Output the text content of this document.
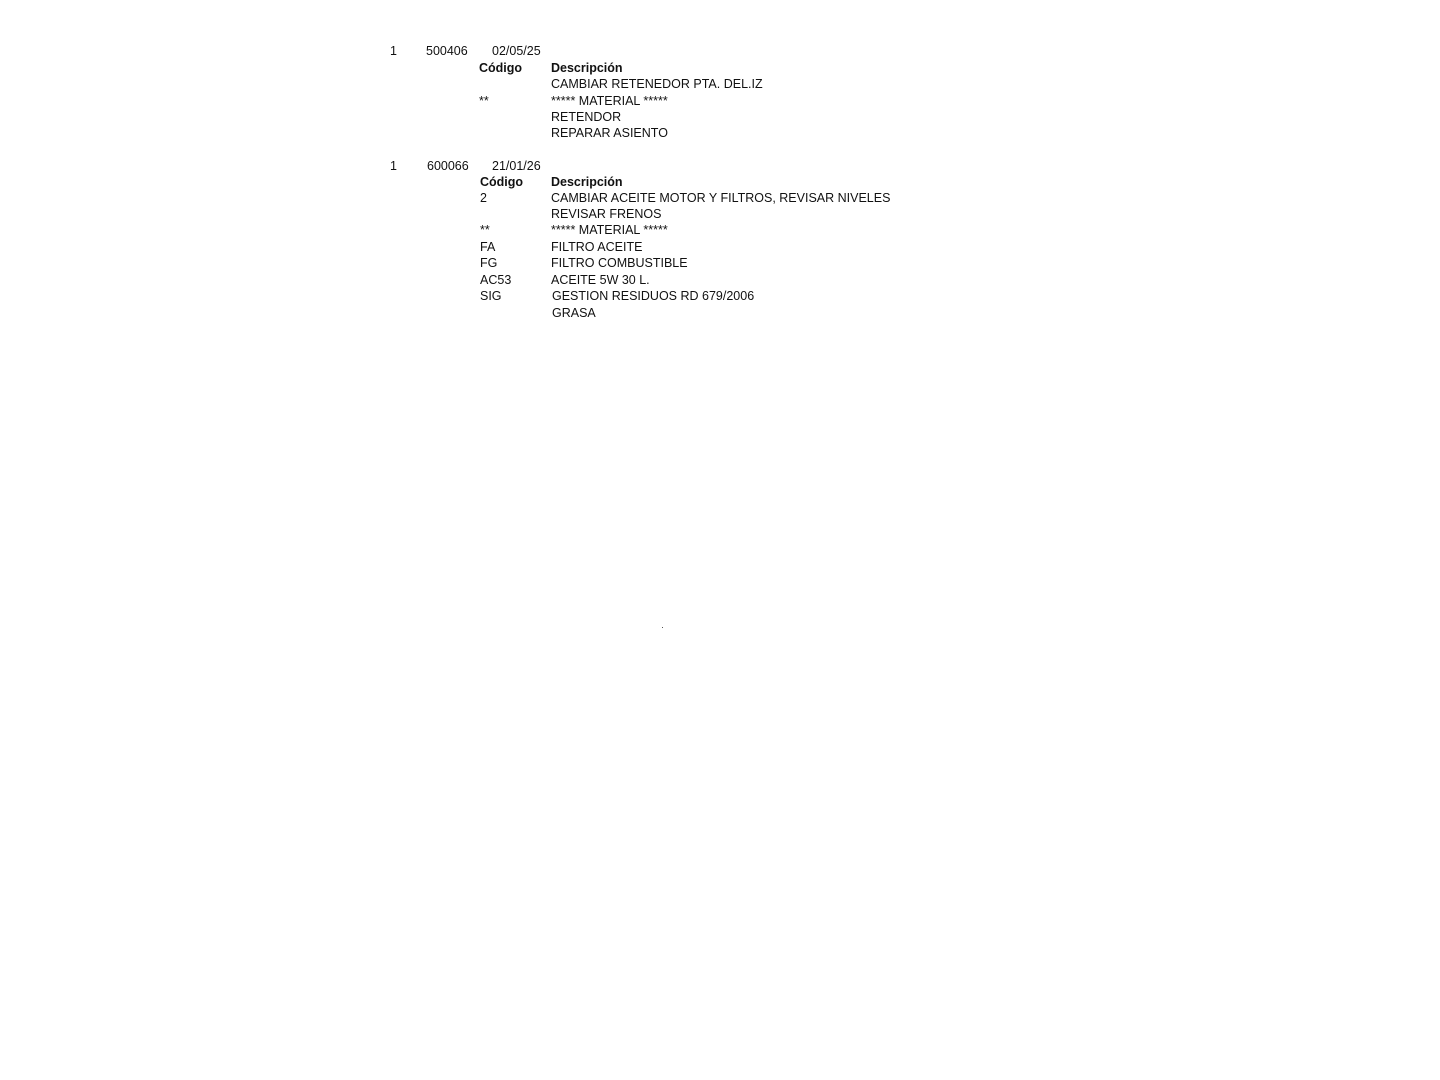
1 500406 02/05/25
Código Descripción
CAMBIAR RETENEDOR PTA. DEL.IZ
**	***** MATERIAL *****
RETENDOR
REPARAR ASIENTO
1 600066 21/01/26
Código Descripción
2	CAMBIAR ACEITE MOTOR Y FILTROS, REVISAR NIVELES
REVISAR FRENOS
**	***** MATERIAL *****
FA	FILTRO ACEITE
FG	FILTRO COMBUSTIBLE
AC53	ACEITE 5W 30 L.
SIG	GESTION RESIDUOS RD 679/2006
GRASA
